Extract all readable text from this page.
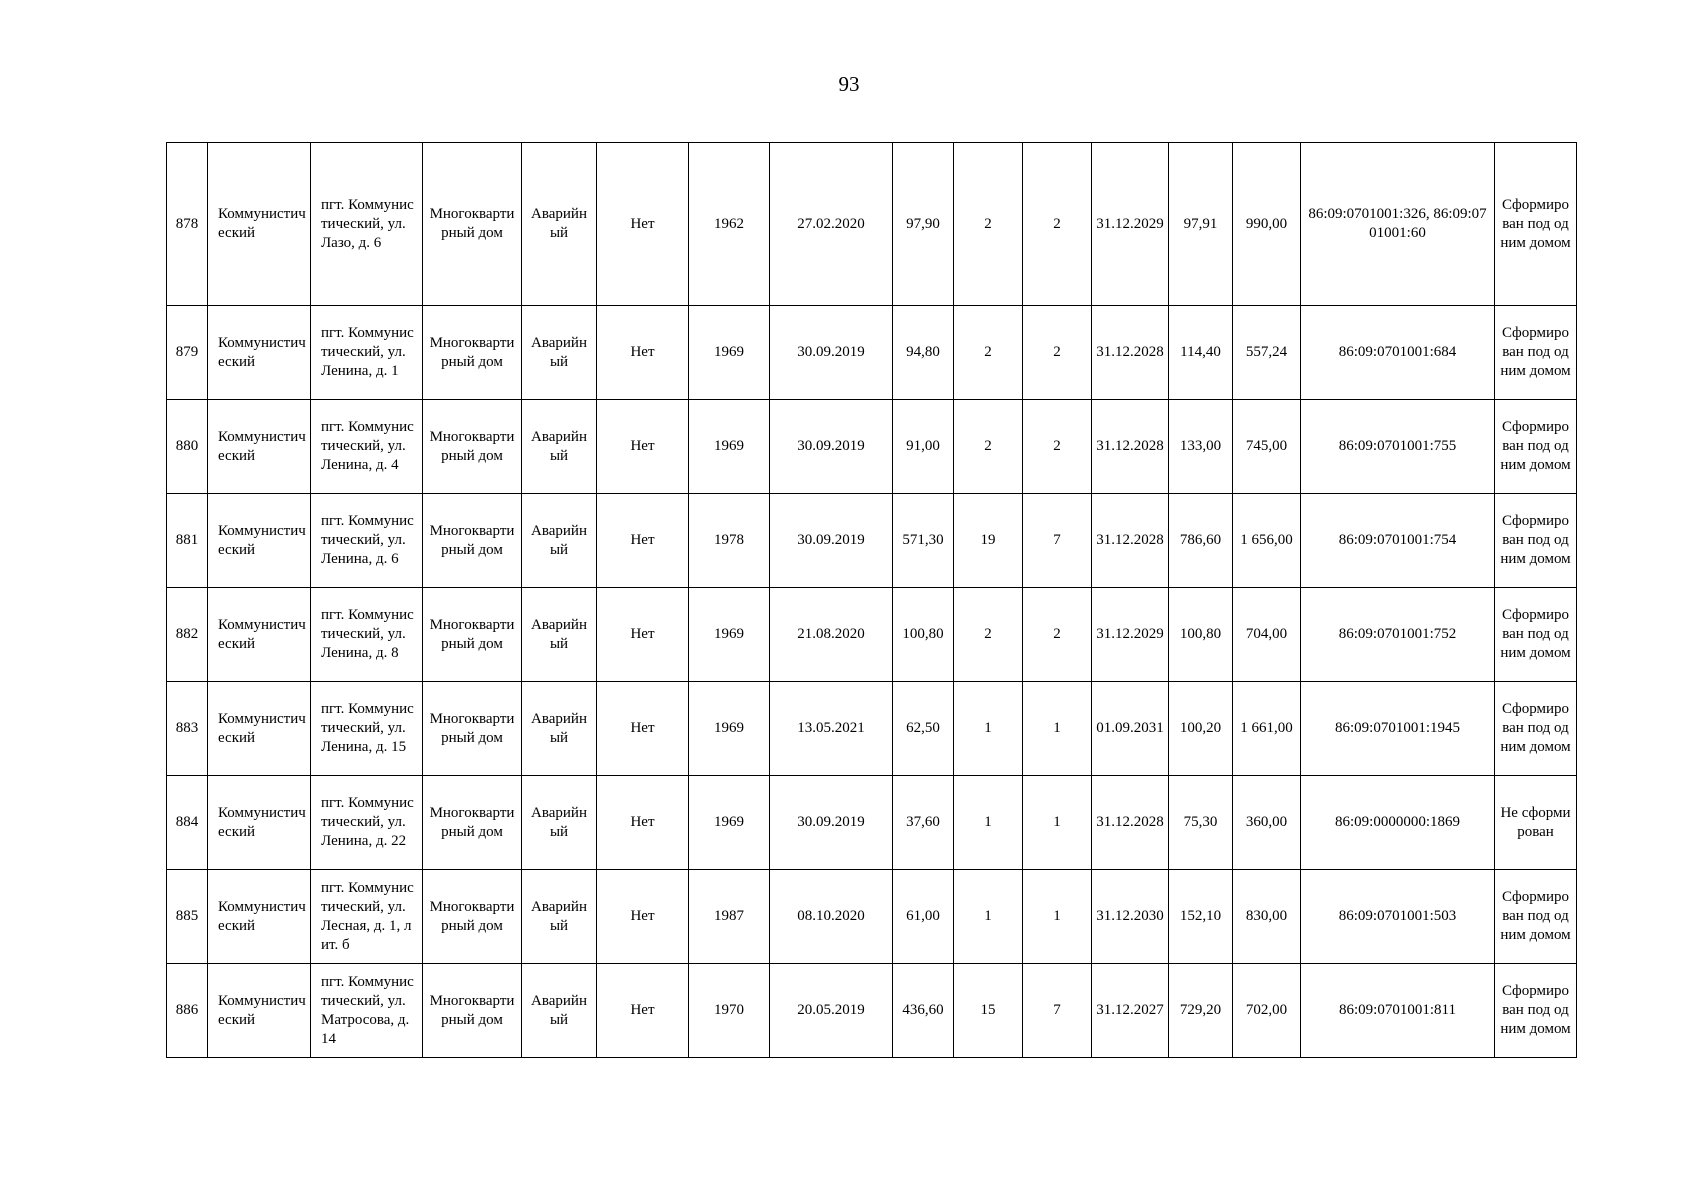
93
878	Коммунистический	пгт. Коммунистический, ул. Лазо, д. 6	Многоквартирный дом	Аварийный	Нет	1962	27.02.2020	97,90	2	2	31.12.2029	97,91	990,00	86:09:0701001:326, 86:09:0701001:60	Сформирован под одним домом
879	Коммунистический	пгт. Коммунистический, ул. Ленина, д. 1	Многоквартирный дом	Аварийный	Нет	1969	30.09.2019	94,80	2	2	31.12.2028	114,40	557,24	86:09:0701001:684	Сформирован под одним домом
880	Коммунистический	пгт. Коммунистический, ул. Ленина, д. 4	Многоквартирный дом	Аварийный	Нет	1969	30.09.2019	91,00	2	2	31.12.2028	133,00	745,00	86:09:0701001:755	Сформирован под одним домом
881	Коммунистический	пгт. Коммунистический, ул. Ленина, д. 6	Многоквартирный дом	Аварийный	Нет	1978	30.09.2019	571,30	19	7	31.12.2028	786,60	1 656,00	86:09:0701001:754	Сформирован под одним домом
882	Коммунистический	пгт. Коммунистический, ул. Ленина, д. 8	Многоквартирный дом	Аварийный	Нет	1969	21.08.2020	100,80	2	2	31.12.2029	100,80	704,00	86:09:0701001:752	Сформирован под одним домом
883	Коммунистический	пгт. Коммунистический, ул. Ленина, д. 15	Многоквартирный дом	Аварийный	Нет	1969	13.05.2021	62,50	1	1	01.09.2031	100,20	1 661,00	86:09:0701001:1945	Сформирован под одним домом
884	Коммунистический	пгт. Коммунистический, ул. Ленина, д. 22	Многоквартирный дом	Аварийный	Нет	1969	30.09.2019	37,60	1	1	31.12.2028	75,30	360,00	86:09:0000000:1869	Не сформирован
885	Коммунистический	пгт. Коммунистический, ул. Лесная, д. 1, лит. б	Многоквартирный дом	Аварийный	Нет	1987	08.10.2020	61,00	1	1	31.12.2030	152,10	830,00	86:09:0701001:503	Сформирован под одним домом
886	Коммунистический	пгт. Коммунистический, ул. Матросова, д. 14	Многоквартирный дом	Аварийный	Нет	1970	20.05.2019	436,60	15	7	31.12.2027	729,20	702,00	86:09:0701001:811	Сформирован под одним домом
